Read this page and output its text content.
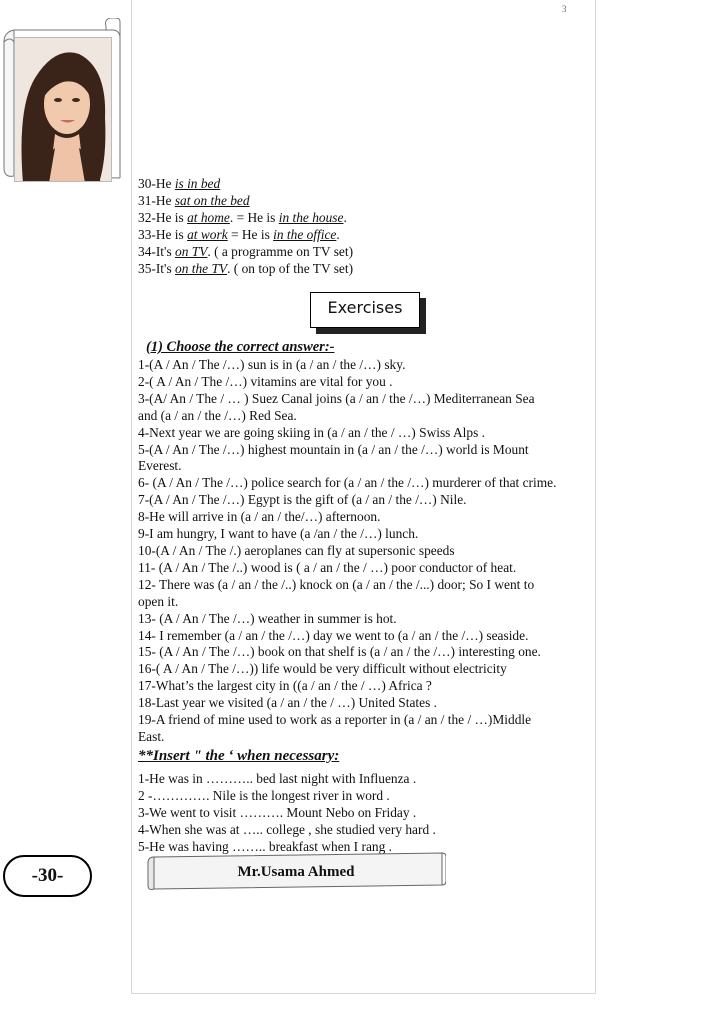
3
30-He is in bed
31-He sat on the bed
32-He is at home. = He is in the house.
33-He is at work = He is in the office.
34-It's on TV. ( a programme on TV set)
35-It's on the TV. ( on top of the TV set)
Exercises
(1) Choose the correct answer:-
1-(A / An / The /…) sun is in (a / an / the /…) sky.
2-( A / An / The /…) vitamins are vital for you .
3-(A/ An / The / … ) Suez Canal joins (a / an / the /…) Mediterranean Sea
and (a / an / the /…) Red Sea.
4-Next year we are going skiing in (a / an / the / …) Swiss Alps .
5-(A / An / The /…) highest mountain in (a / an / the /…) world is Mount
Everest.
6- (A / An / The /…) police search for (a / an / the /…) murderer of that crime.
7-(A / An / The /…) Egypt is the gift of (a / an / the /…) Nile.
8-He will arrive in (a / an / the/…) afternoon.
9-I am hungry, I want to have (a /an / the /…) lunch.
10-(A / An / The /.) aeroplanes can fly at supersonic speeds
11- (A / An / The /..) wood is ( a / an / the / …) poor conductor of heat.
12- There was (a / an / the /..) knock on (a / an / the /...) door; So I went to
open it.
13- (A / An / The /…) weather in summer is hot.
14- I remember (a / an / the /…) day we went to (a / an / the /…) seaside.
15- (A / An / The /…) book on that shelf is (a / an / the /…) interesting one.
16-( A / An / The /…)) life would be very difficult without electricity
17-What’s the largest city in ((a / an / the / …) Africa ?
18-Last year we visited (a / an / the / …) United States .
19-A friend of mine used to work as a reporter in (a / an / the / …)Middle
East.
**Insert " the ‘ when necessary:
1-He was in ……….. bed last night with Influenza .
2 -…………. Nile is the longest river in word .
3-We went to visit ………. Mount Nebo on Friday .
4-When she was at ….. college , she studied very hard .
5-He was having …….. breakfast when I rang .
-30-	Mr.Usama Ahmed
